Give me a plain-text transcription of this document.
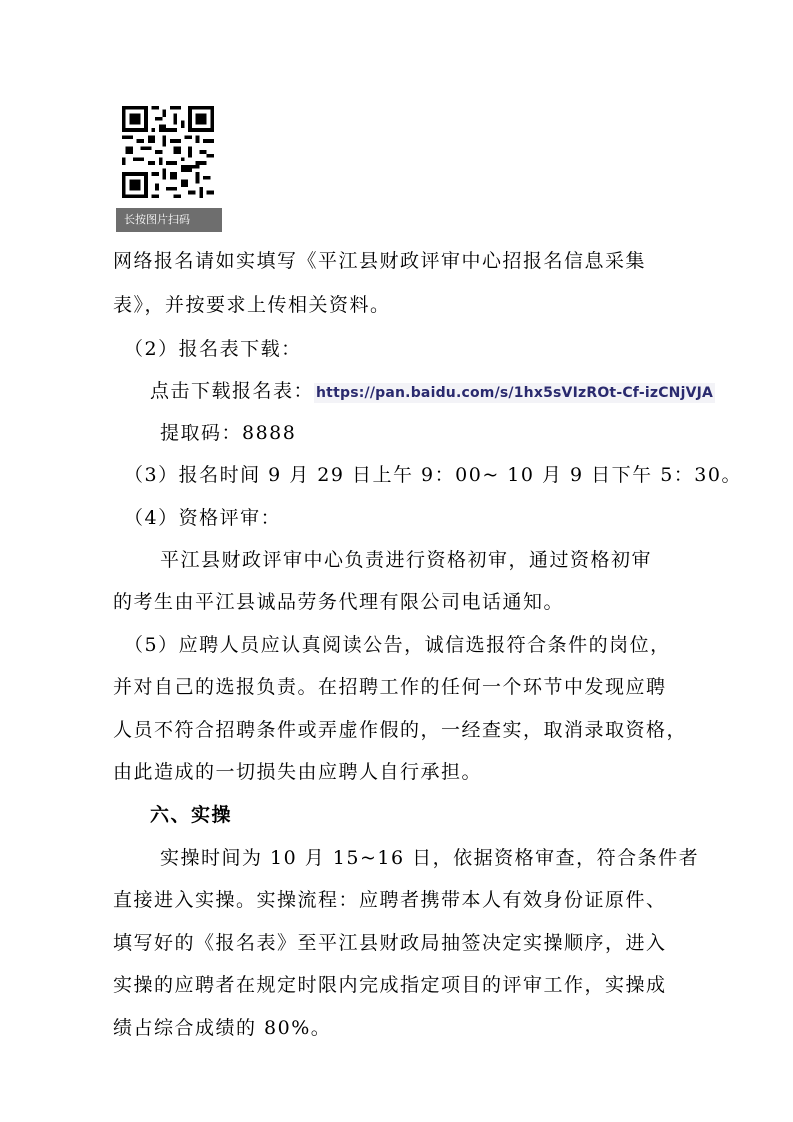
长按图片扫码
网络报名请如实填写《平江县财政评审中心招报名信息采集
表》，并按要求上传相关资料。
（2）报名表下载：
点击下载报名表： https://pan.baidu.com/s/1hx5sVIzROt-Cf-izCNjVJA
提取码：8888
（3）报名时间 9 月 29 日上午 9：00~ 10 月 9 日下午 5：30。
（4）资格评审：
平江县财政评审中心负责进行资格初审，通过资格初审
的考生由平江县诚品劳务代理有限公司电话通知。
（5）应聘人员应认真阅读公告，诚信选报符合条件的岗位，
并对自己的选报负责。在招聘工作的任何一个环节中发现应聘
人员不符合招聘条件或弄虚作假的，一经查实，取消录取资格，
由此造成的一切损失由应聘人自行承担。
六、实操
实操时间为 10 月 15~16 日，依据资格审查，符合条件者
直接进入实操。实操流程：应聘者携带本人有效身份证原件、
填写好的《报名表》至平江县财政局抽签决定实操顺序，进入
实操的应聘者在规定时限内完成指定项目的评审工作，实操成
绩占综合成绩的 80%。
